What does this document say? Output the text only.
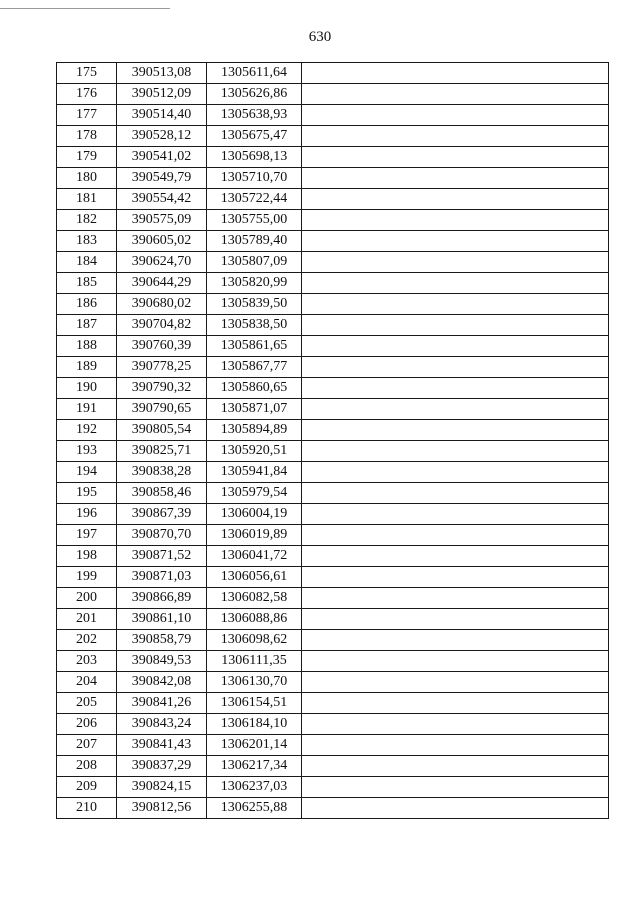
630
175	390513,08	1305611,64	
176	390512,09	1305626,86	
177	390514,40	1305638,93	
178	390528,12	1305675,47	
179	390541,02	1305698,13	
180	390549,79	1305710,70	
181	390554,42	1305722,44	
182	390575,09	1305755,00	
183	390605,02	1305789,40	
184	390624,70	1305807,09	
185	390644,29	1305820,99	
186	390680,02	1305839,50	
187	390704,82	1305838,50	
188	390760,39	1305861,65	
189	390778,25	1305867,77	
190	390790,32	1305860,65	
191	390790,65	1305871,07	
192	390805,54	1305894,89	
193	390825,71	1305920,51	
194	390838,28	1305941,84	
195	390858,46	1305979,54	
196	390867,39	1306004,19	
197	390870,70	1306019,89	
198	390871,52	1306041,72	
199	390871,03	1306056,61	
200	390866,89	1306082,58	
201	390861,10	1306088,86	
202	390858,79	1306098,62	
203	390849,53	1306111,35	
204	390842,08	1306130,70	
205	390841,26	1306154,51	
206	390843,24	1306184,10	
207	390841,43	1306201,14	
208	390837,29	1306217,34	
209	390824,15	1306237,03	
210	390812,56	1306255,88	
